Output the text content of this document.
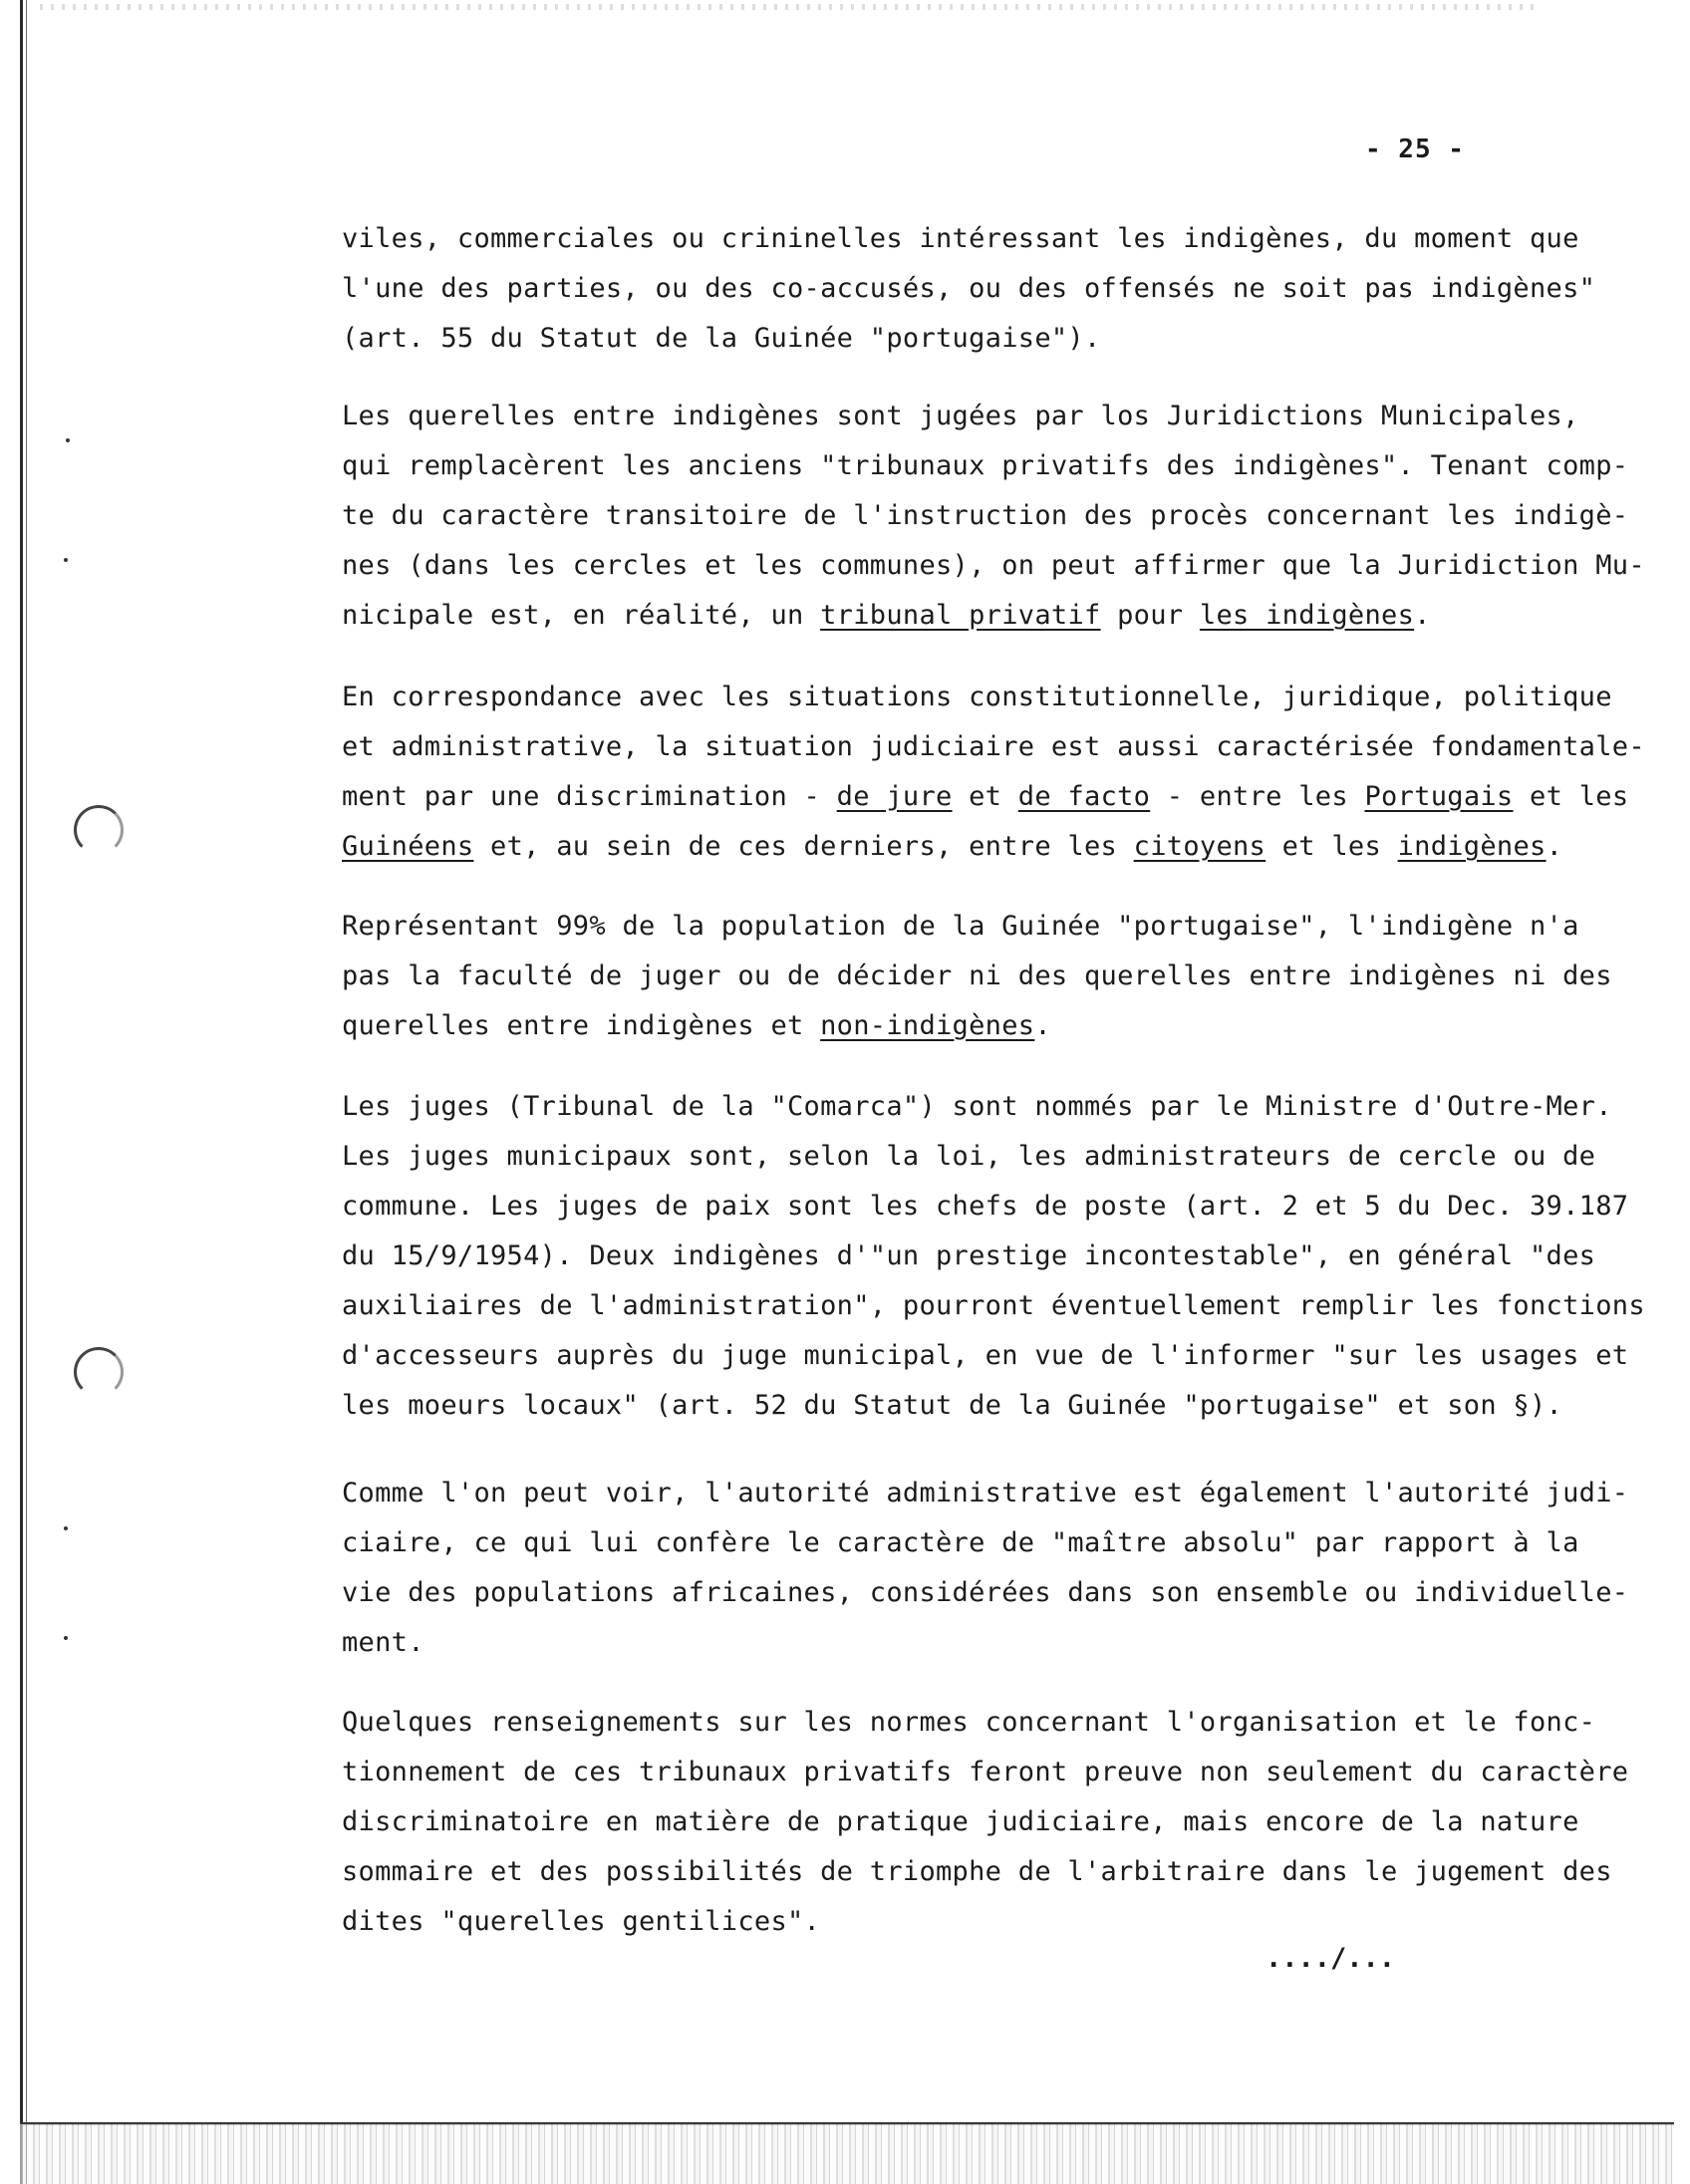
- 25 -
viles, commerciales ou crininelles intéressant les indigènes, du moment que
l'une des parties, ou des co-accusés, ou des offensés ne soit pas indigènes"
(art. 55 du Statut de la Guinée "portugaise").
Les querelles entre indigènes sont jugées par los Juridictions Municipales,
qui remplacèrent les anciens "tribunaux privatifs des indigènes". Tenant comp-
te du caractère transitoire de l'instruction des procès concernant les indigè-
nes (dans les cercles et les communes), on peut affirmer que la Juridiction Mu-
nicipale est, en réalité, un tribunal privatif pour les indigènes.
En correspondance avec les situations constitutionnelle, juridique, politique
et administrative, la situation judiciaire est aussi caractérisée fondamentale-
ment par une discrimination - de jure et de facto - entre les Portugais et les
Guinéens et, au sein de ces derniers, entre les citoyens et les indigènes.
Représentant 99% de la population de la Guinée "portugaise", l'indigène n'a
pas la faculté de juger ou de décider ni des querelles entre indigènes ni des
querelles entre indigènes et non-indigènes.
Les juges (Tribunal de la "Comarca") sont nommés par le Ministre d'Outre-Mer.
Les juges municipaux sont, selon la loi, les administrateurs de cercle ou de
commune. Les juges de paix sont les chefs de poste (art. 2 et 5 du Dec. 39.187
du 15/9/1954). Deux indigènes d'"un prestige incontestable", en général "des
auxiliaires de l'administration", pourront éventuellement remplir les fonctions
d'accesseurs auprès du juge municipal, en vue de l'informer "sur les usages et
les moeurs locaux" (art. 52 du Statut de la Guinée "portugaise" et son §).
Comme l'on peut voir, l'autorité administrative est également l'autorité judi-
ciaire, ce qui lui confère le caractère de "maître absolu" par rapport à la
vie des populations africaines, considérées dans son ensemble ou individuelle-
ment.
Quelques renseignements sur les normes concernant l'organisation et le fonc-
tionnement de ces tribunaux privatifs feront preuve non seulement du caractère
discriminatoire en matière de pratique judiciaire, mais encore de la nature
sommaire et des possibilités de triomphe de l'arbitraire dans le jugement des
dites "querelles gentilices".
..../...
